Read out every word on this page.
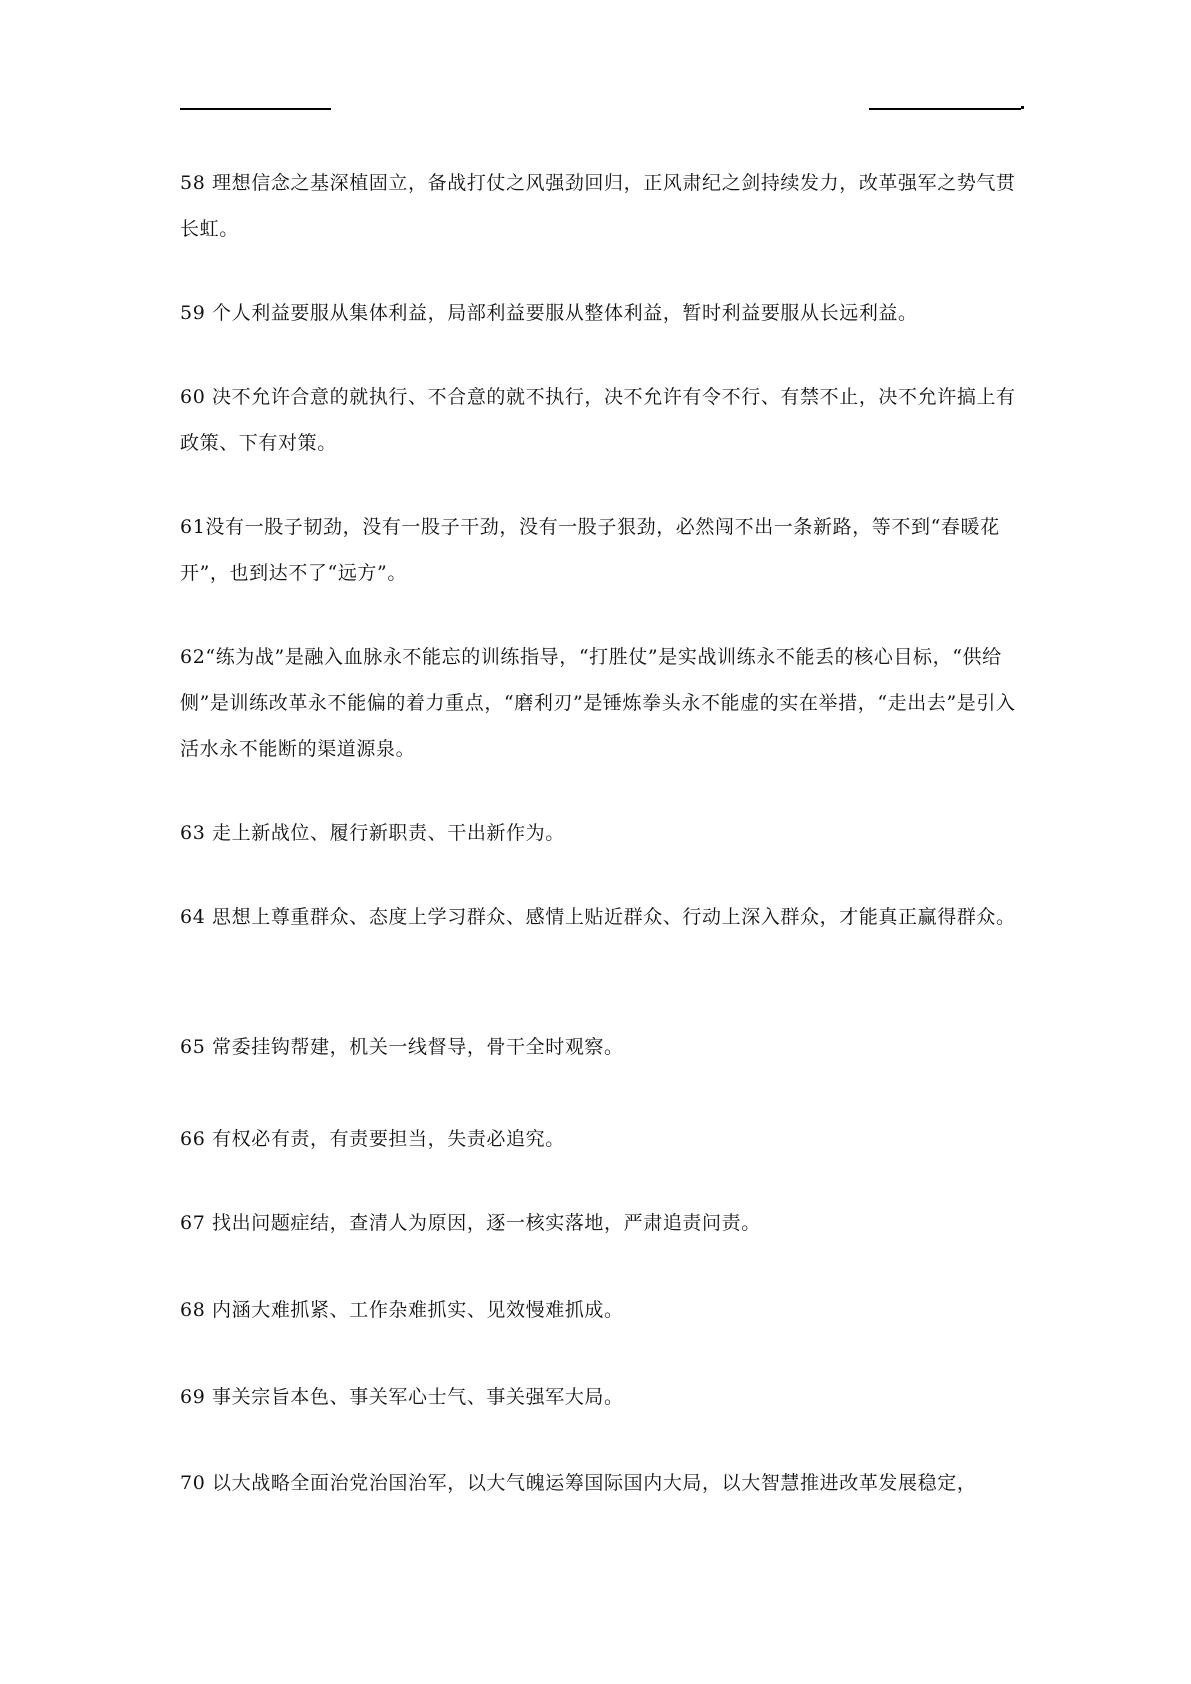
58 理想信念之基深植固立，备战打仗之风强劲回归，正风肃纪之剑持续发力，改革强军之势气贯长虹。

59 个人利益要服从集体利益，局部利益要服从整体利益，暂时利益要服从长远利益。

60 决不允许合意的就执行、不合意的就不执行，决不允许有令不行、有禁不止，决不允许搞上有政策、下有对策。

61没有一股子韧劲，没有一股子干劲，没有一股子狠劲，必然闯不出一条新路，等不到“春暖花开”，也到达不了“远方”。

62“练为战”是融入血脉永不能忘的训练指导，“打胜仗”是实战训练永不能丢的核心目标，“供给侧”是训练改革永不能偏的着力重点，“磨利刃”是锤炼拳头永不能虚的实在举措，“走出去”是引入活水永不能断的渠道源泉。

63 走上新战位、履行新职责、干出新作为。

64 思想上尊重群众、态度上学习群众、感情上贴近群众、行动上深入群众，才能真正赢得群众。

65 常委挂钩帮建，机关一线督导，骨干全时观察。

66 有权必有责，有责要担当，失责必追究。

67 找出问题症结，查清人为原因，逐一核实落地，严肃追责问责。

68 内涵大难抓紧、工作杂难抓实、见效慢难抓成。

69 事关宗旨本色、事关军心士气、事关强军大局。

70 以大战略全面治党治国治军，以大气魄运筹国际国内大局，以大智慧推进改革发展稳定，
